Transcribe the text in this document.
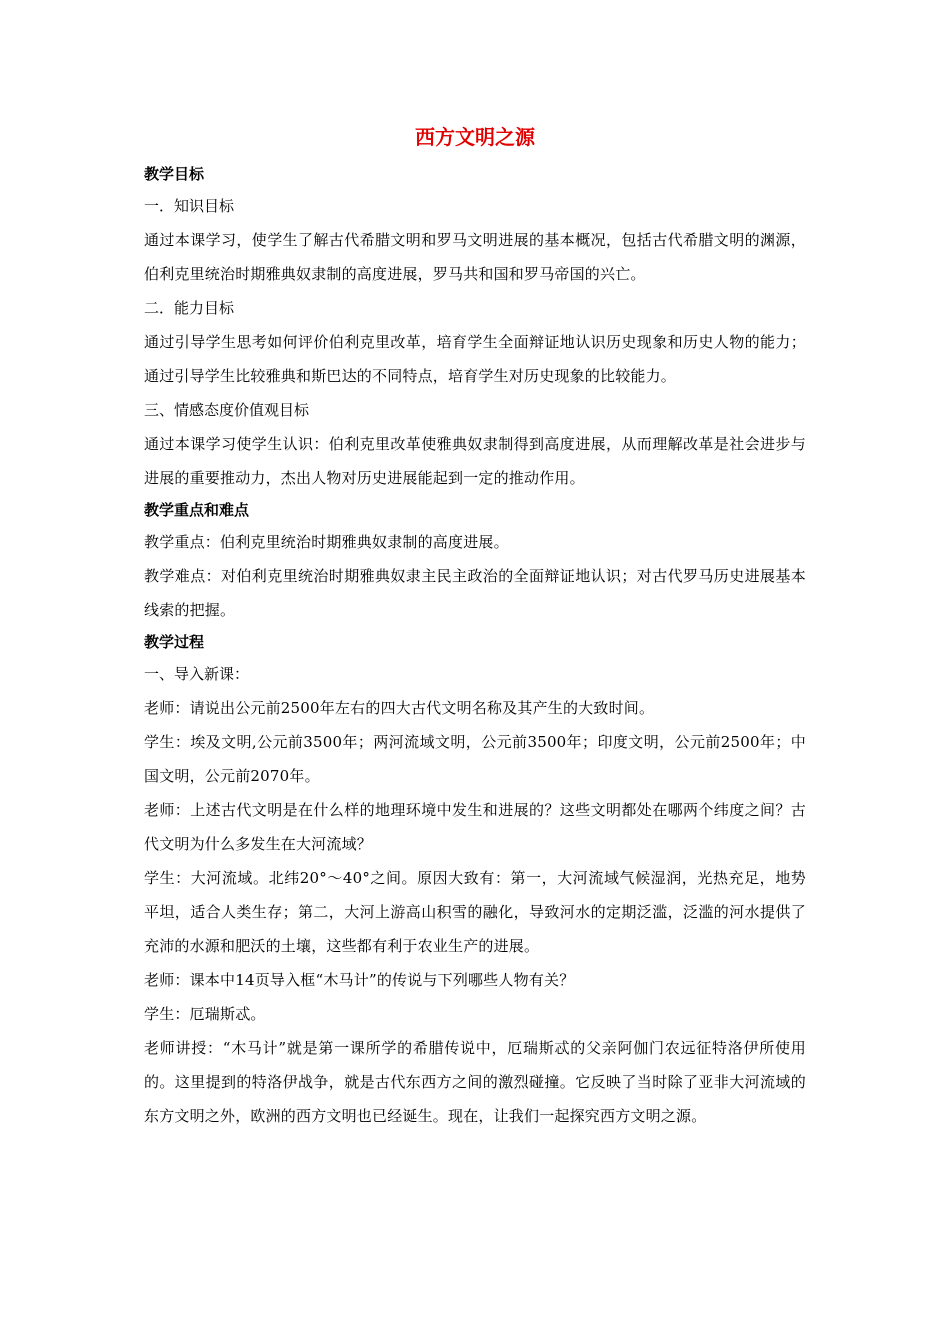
西方文明之源
教学目标
一．知识目标
通过本课学习，使学生了解古代希腊文明和罗马文明进展的基本概况，包括古代希腊文明的渊源，伯利克里统治时期雅典奴隶制的高度进展，罗马共和国和罗马帝国的兴亡。
二．能力目标
通过引导学生思考如何评价伯利克里改革，培育学生全面辩证地认识历史现象和历史人物的能力；通过引导学生比较雅典和斯巴达的不同特点，培育学生对历史现象的比较能力。
三、情感态度价值观目标
通过本课学习使学生认识：伯利克里改革使雅典奴隶制得到高度进展，从而理解改革是社会进步与进展的重要推动力，杰出人物对历史进展能起到一定的推动作用。
教学重点和难点
教学重点：伯利克里统治时期雅典奴隶制的高度进展。
教学难点：对伯利克里统治时期雅典奴隶主民主政治的全面辩证地认识；对古代罗马历史进展基本线索的把握。
教学过程
一、导入新课：
老师：请说出公元前2500年左右的四大古代文明名称及其产生的大致时间。
学生：埃及文明,公元前3500年；两河流域文明，公元前3500年；印度文明，公元前2500年；中国文明，公元前2070年。
老师：上述古代文明是在什么样的地理环境中发生和进展的？这些文明都处在哪两个纬度之间？古代文明为什么多发生在大河流域？
学生：大河流域。北纬20°～40°之间。原因大致有：第一，大河流域气候湿润，光热充足，地势平坦，适合人类生存；第二，大河上游高山积雪的融化，导致河水的定期泛滥，泛滥的河水提供了充沛的水源和肥沃的土壤，这些都有利于农业生产的进展。
老师：课本中14页导入框“木马计”的传说与下列哪些人物有关？
学生：厄瑞斯忒。
老师讲授：“木马计”就是第一课所学的希腊传说中，厄瑞斯忒的父亲阿伽门农远征特洛伊所使用的。这里提到的特洛伊战争，就是古代东西方之间的激烈碰撞。它反映了当时除了亚非大河流域的东方文明之外，欧洲的西方文明也已经诞生。现在，让我们一起探究西方文明之源。
